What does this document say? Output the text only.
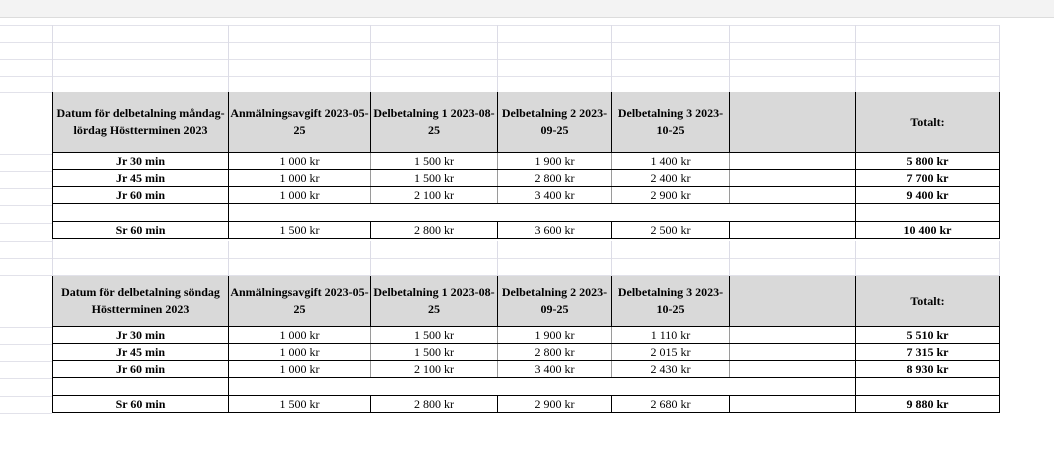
Datum för delbetalning måndag-lördag Höstterminen 2023	Anmälningsavgift 2023-05-25	Delbetalning 1 2023-08-25	Delbetalning 2 2023-09-25	Delbetalning 3 2023-10-25		Totalt:
Jr 30 min	1 000 kr	1 500 kr	1 900 kr	1 400 kr		5 800 kr
Jr 45 min	1 000 kr	1 500 kr	2 800 kr	2 400 kr		7 700 kr
Jr 60 min	1 000 kr	2 100 kr	3 400 kr	2 900 kr		9 400 kr

Sr 60 min	1 500 kr	2 800 kr	3 600 kr	2 500 kr		10 400 kr
Datum för delbetalning söndag Höstterminen 2023	Anmälningsavgift 2023-05-25	Delbetalning 1 2023-08-25	Delbetalning 2 2023-09-25	Delbetalning 3 2023-10-25		Totalt:
Jr 30 min	1 000 kr	1 500 kr	1 900 kr	1 110 kr		5 510 kr
Jr 45 min	1 000 kr	1 500 kr	2 800 kr	2 015 kr		7 315 kr
Jr 60 min	1 000 kr	2 100 kr	3 400 kr	2 430 kr		8 930 kr

Sr 60 min	1 500 kr	2 800 kr	2 900 kr	2 680 kr		9 880 kr
